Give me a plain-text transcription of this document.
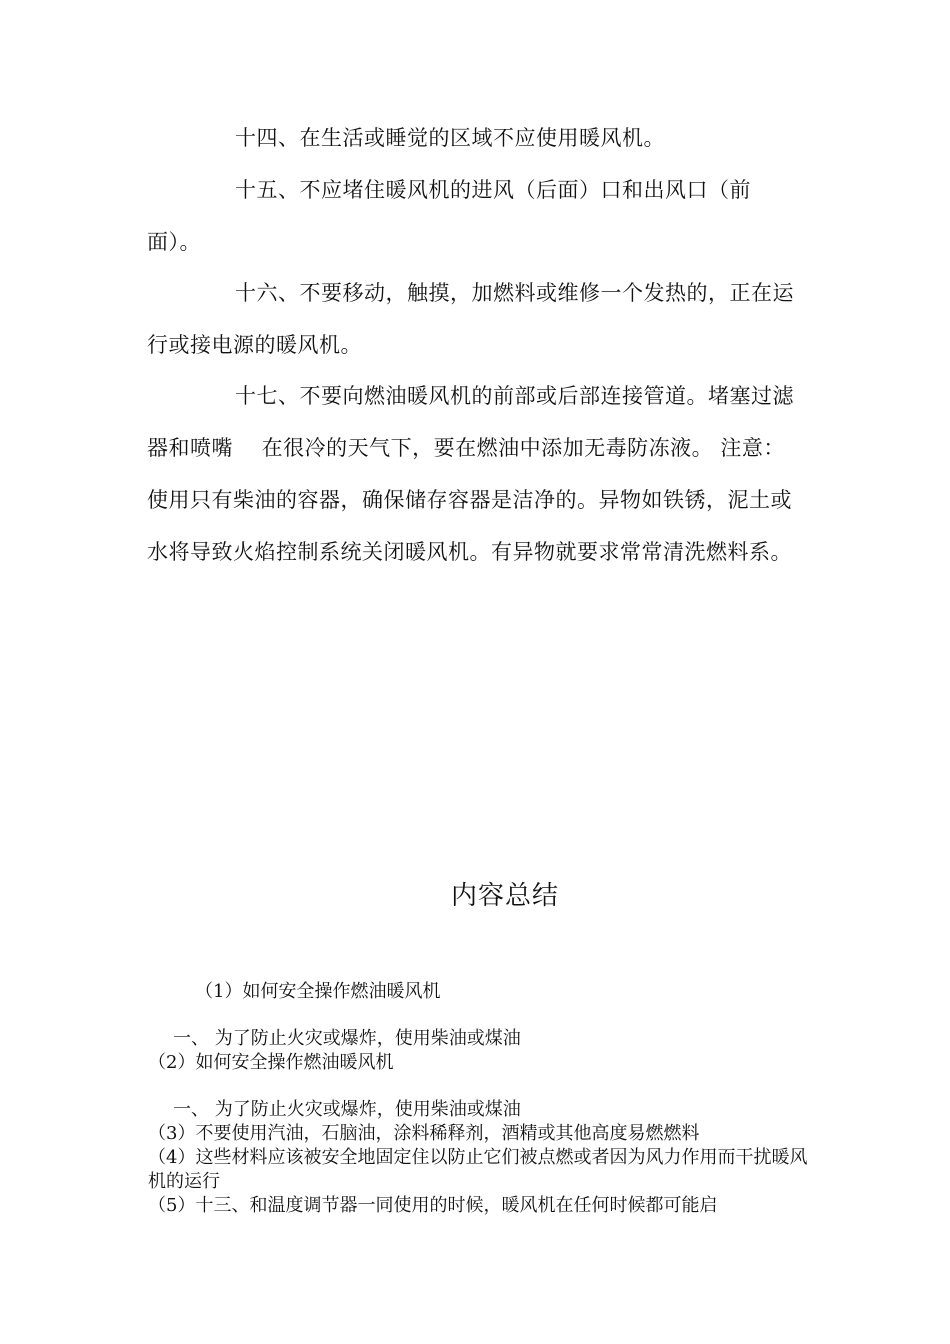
十四、在生活或睡觉的区域不应使用暖风机。

十五、不应堵住暖风机的进风（后面）口和出风口（前面）。

十六、不要移动，触摸，加燃料或维修一个发热的，正在运行或接电源的暖风机。

十七、不要向燃油暖风机的前部或后部连接管道。堵塞过滤器和喷嘴　 在很冷的天气下，要在燃油中添加无毒防冻液。 注意：使用只有柴油的容器，确保储存容器是洁净的。异物如铁锈，泥土或水将导致火焰控制系统关闭暖风机。有异物就要求常常清洗燃料系。

内容总结

（1）如何安全操作燃油暖风机

一、 为了防止火灾或爆炸，使用柴油或煤油

（2）如何安全操作燃油暖风机

一、 为了防止火灾或爆炸，使用柴油或煤油

（3）不要使用汽油，石脑油，涂料稀释剂，酒精或其他高度易燃燃料

（4）这些材料应该被安全地固定住以防止它们被点燃或者因为风力作用而干扰暖风机的运行

（5）十三、和温度调节器一同使用的时候，暖风机在任何时候都可能启
